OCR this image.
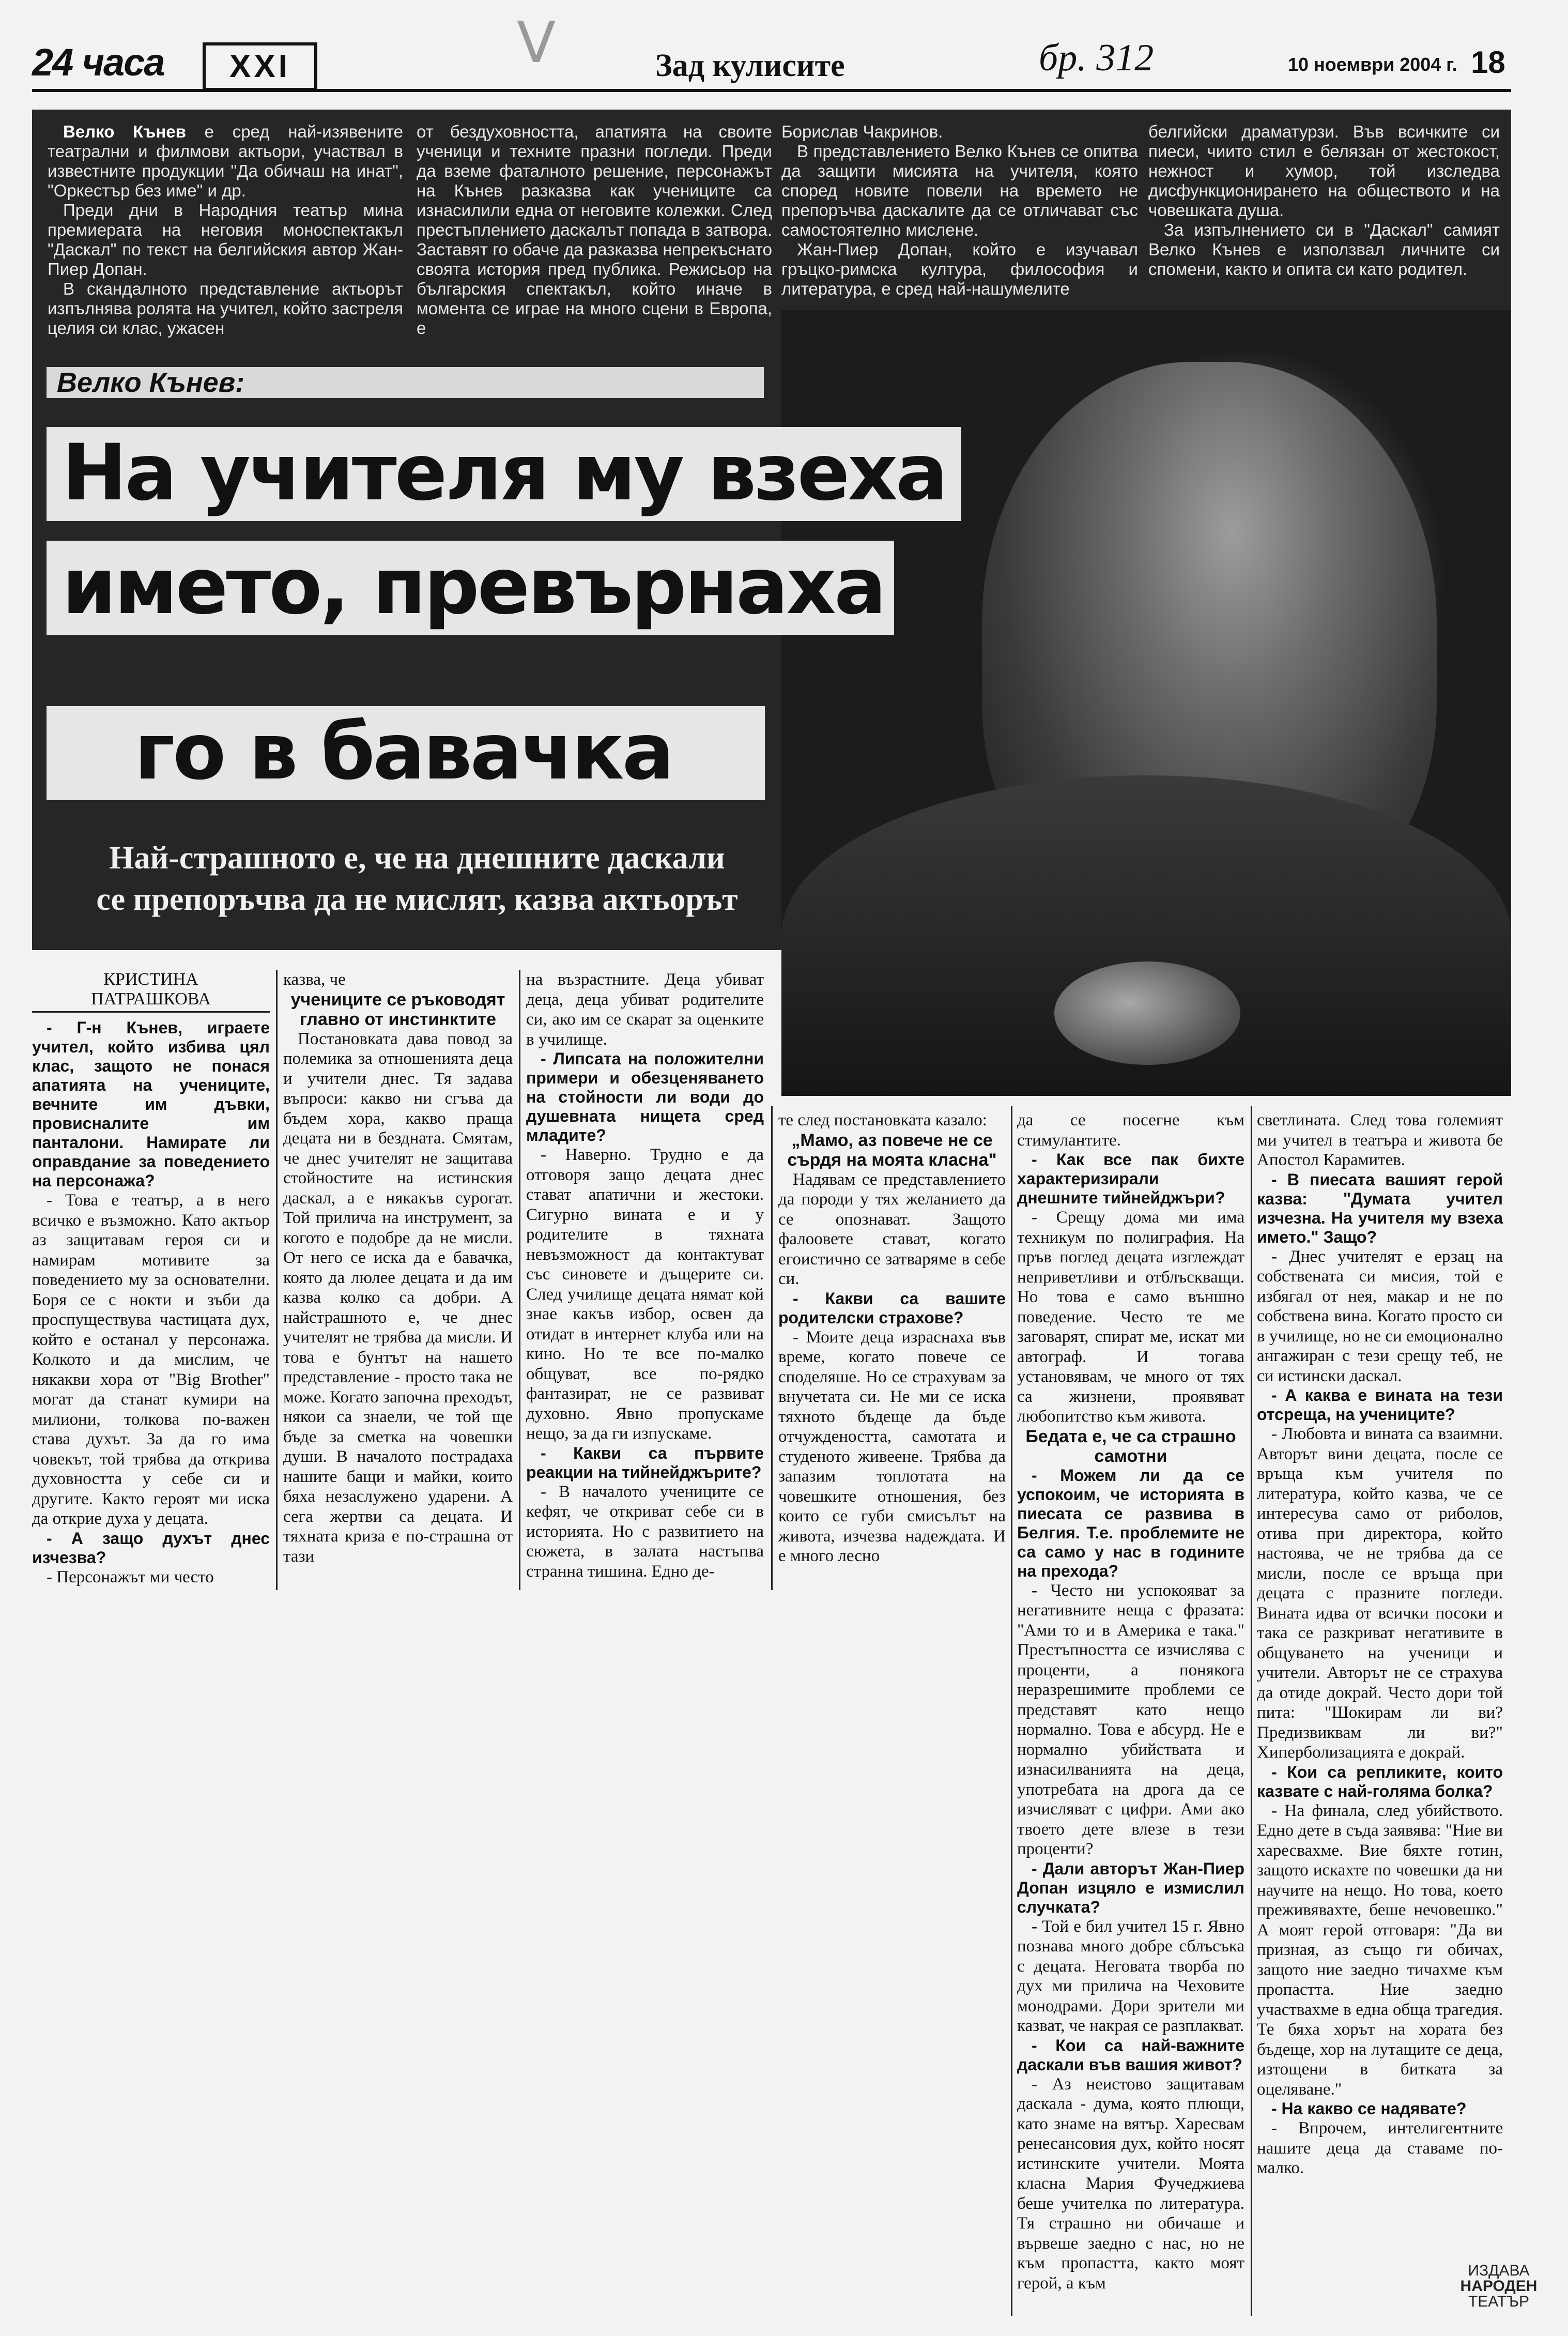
V
24 часа	XXI	Зад кулисите	бр. 312	10 ноември 2004 г. 18

Велко Кънев е сред най-изявените театрални и филмови актьори, участвал в известните продукции "Да обичаш на инат", "Оркестър без име" и др.

Преди дни в Народния театър мина премиерата на неговия моноспектакъл "Даскал" по текст на белгийския автор Жан-Пиер Допан.

В скандалното представление актьорът изпълнява ролята на учител, който застреля целия си клас, ужасен

от бездуховността, апатията на своите ученици и техните празни погледи. Преди да вземе фаталното решение, персонажът на Кънев разказва как учениците са изнасилили една от неговите колежки. След престъплението даскалът попада в затвора. Заставят го обаче да разказва непрекъснато своята история пред публика. Режисьор на българския спектакъл, който иначе в момента се играе на много сцени в Европа, е

Борислав Чакринов.

В представлението Велко Кънев се опитва да защити мисията на учителя, която според новите повели на времето не препоръчва даскалите да се отличават със самостоятелно мислене.

Жан-Пиер Допан, който е изучавал гръцко-римска култура, философия и литература, е сред най-нашумелите

белгийски драматурзи. Във всичките си пиеси, чиито стил е белязан от жестокост, нежност и хумор, той изследва дисфункционирането на обществото и на човешката душа.

За изпълнението си в "Даскал" самият Велко Кънев е използвал личните си спомени, както и опита си като родител.

Велко Кънев:
На учителя му взеха
името, превърнаха
го в бавачка
Най-страшното е, че на днешните даскали
се препоръчва да не мислят, казва актьорът
КРИСТИНА
ПАТРАШКОВА

- Г-н Кънев, играете учител, който избива цял клас, защото не понася апатията на учениците, вечните им дъвки, провисналите им панталони. Намирате ли оправдание за поведението на персонажа?

- Това е театър, а в него всичко е възможно. Като актьор аз защитавам героя си и намирам мотивите за поведението му за основателни. Боря се с нокти и зъби да проспуществува частицата дух, който е останал у персонажа. Колкото и да мислим, че някакви хора от "Big Brother" могат да станат кумири на милиони, толкова по-важен става духът. За да го има човекът, той трябва да открива духовността у себе си и другите. Както героят ми иска да открие духа у децата.

- А защо духът днес изчезва?

- Персонажът ми често

казва, че

учениците се ръководят главно от инстинктите

Постановката дава повод за полемика за отношенията деца и учители днес. Тя задава въпроси: какво ни сгъва да бъдем хора, какво праща децата ни в бездната. Смятам, че днес учителят не защитава стойностите на истинския даскал, а е някакъв сурогат. Той прилича на инструмент, за когото е подобре да не мисли. От него се иска да е бавачка, която да люлее децата и да им казва колко са добри. А найстрашното е, че днес учителят не трябва да мисли. И това е бунтът на нашето представление - просто така не може. Когато започна преходът, някои са знаели, че той ще бъде за сметка на човешки души. В началото пострадаха нашите бащи и майки, които бяха незаслужено ударени. А сега жертви са децата. И тяхната криза е по-страшна от тази

на възрастните. Деца убиват деца, деца убиват родителите си, ако им се скарат за оценките в училище.

- Липсата на положителни примери и обезценяването на стойности ли води до душевната нищета сред младите?

- Наверно. Трудно е да отговоря защо децата днес стават апатични и жестоки. Сигурно вината е и у родителите в тяхната невъзможност да контактуват със синовете и дъщерите си. След училище децата нямат кой знае какъв избор, освен да отидат в интернет клуба или на кино. Но те все по-малко общуват, все по-рядко фантазират, не се развиват духовно. Явно пропускаме нещо, за да ги изпускаме.

- Какви са първите реакции на тийнейджърите?

- В началото учениците се кефят, че откриват себе си в историята. Но с развитието на сюжета, в залата настъпва странна тишина. Едно де-

те след постановката казало:

„Мамо, аз повече не се сърдя на моята класна"

Надявам се представлението да породи у тях желанието да се опознават. Защото фалоовете стават, когато егоистично се затваряме в себе си.

- Какви са вашите родителски страхове?

- Моите деца израснаха във време, когато повече се споделяше. Но се страхувам за внучетата си. Не ми се иска тяхното бъдеще да бъде отчуждеността, самотата и студеното живеене. Трябва да запазим топлотата на човешките отношения, без които се губи смисълът на живота, изчезва надеждата. И е много лесно

да се посегне към стимулантите.

- Как все пак бихте характеризирали днешните тийнейджъри?

- Срещу дома ми има техникум по полиграфия. На пръв поглед децата изглеждат неприветливи и отблъскващи. Но това е само външно поведение. Често те ме заговарят, спират ме, искат ми автограф. И тогава установявам, че много от тях са жизнени, проявяват любопитство към живота.

Бедата е, че са страшно самотни

- Можем ли да се успокоим, че историята в пиесата се развива в Белгия. Т.е. проблемите не са само у нас в годините на прехода?

- Често ни успокояват за негативните неща с фразата: "Ами то и в Америка е така." Престъпността се изчислява с проценти, а понякога неразрешимите проблеми се представят като нещо нормално. Това е абсурд. Не е нормално убийствата и изнасилванията на деца, употребата на дрога да се изчисляват с цифри. Ами ако твоето дете влезе в тези проценти?

- Дали авторът Жан-Пиер Допан изцяло е измислил случката?

- Той е бил учител 15 г. Явно познава много добре сблъсъка с децата. Неговата творба по дух ми прилича на Чеховите монодрами. Дори зрители ми казват, че накрая се разплакват.

- Кои са най-важните даскали във вашия живот?

- Аз неистово защитавам даскала - дума, която плющи, като знаме на вятър. Харесвам ренесансовия дух, който носят истинските учители. Моята класна Мария Фучеджиева беше учителка по литература. Тя страшно ни обичаше и вървеше заедно с нас, но не към пропастта, както моят герой, а към

светлината. След това големият ми учител в театъра и живота бе Апостол Карамитев.

- В пиесата вашият герой казва: "Думата учител изчезна. На учителя му взеха името." Защо?

- Днес учителят е ерзац на собствената си мисия, той е избягал от нея, макар и не по собствена вина. Когато просто си в училище, но не си емоционално ангажиран с тези срещу теб, не си истински даскал.

- А каква е вината на тези отсреща, на учениците?

- Любовта и вината са взаимни. Авторът вини децата, после се връща към учителя по литература, който казва, че се интересува само от риболов, отива при директора, който настоява, че не трябва да се мисли, после се връща при децата с празните погледи. Вината идва от всички посоки и така се разкриват негативите в общуването на ученици и учители. Авторът не се страхува да отиде докрай. Често дори той пита: "Шокирам ли ви? Предизвиквам ли ви?" Хиперболизацията е докрай.

- Кои са репликите, които казвате с най-голяма болка?

- На финала, след убийството. Едно дете в съда заявява: "Ние ви харесвахме. Вие бяхте готин, защото искахте по човешки да ни научите на нещо. Но това, което преживявахте, беше нечовешко." А моят герой отговаря: "Да ви призная, аз също ги обичах, защото ние заедно тичахме към пропастта. Ние заедно участвахме в една обща трагедия. Те бяха хорът на хората без бъдеще, хор на лутащите се деца, изтощени в битката за оцеляване."

- На какво се надявате?

- Впрочем, интелигентните нашите деца да ставаме по-малко.

ИЗДАВА
НАРОДЕН
ТЕАТЪР
